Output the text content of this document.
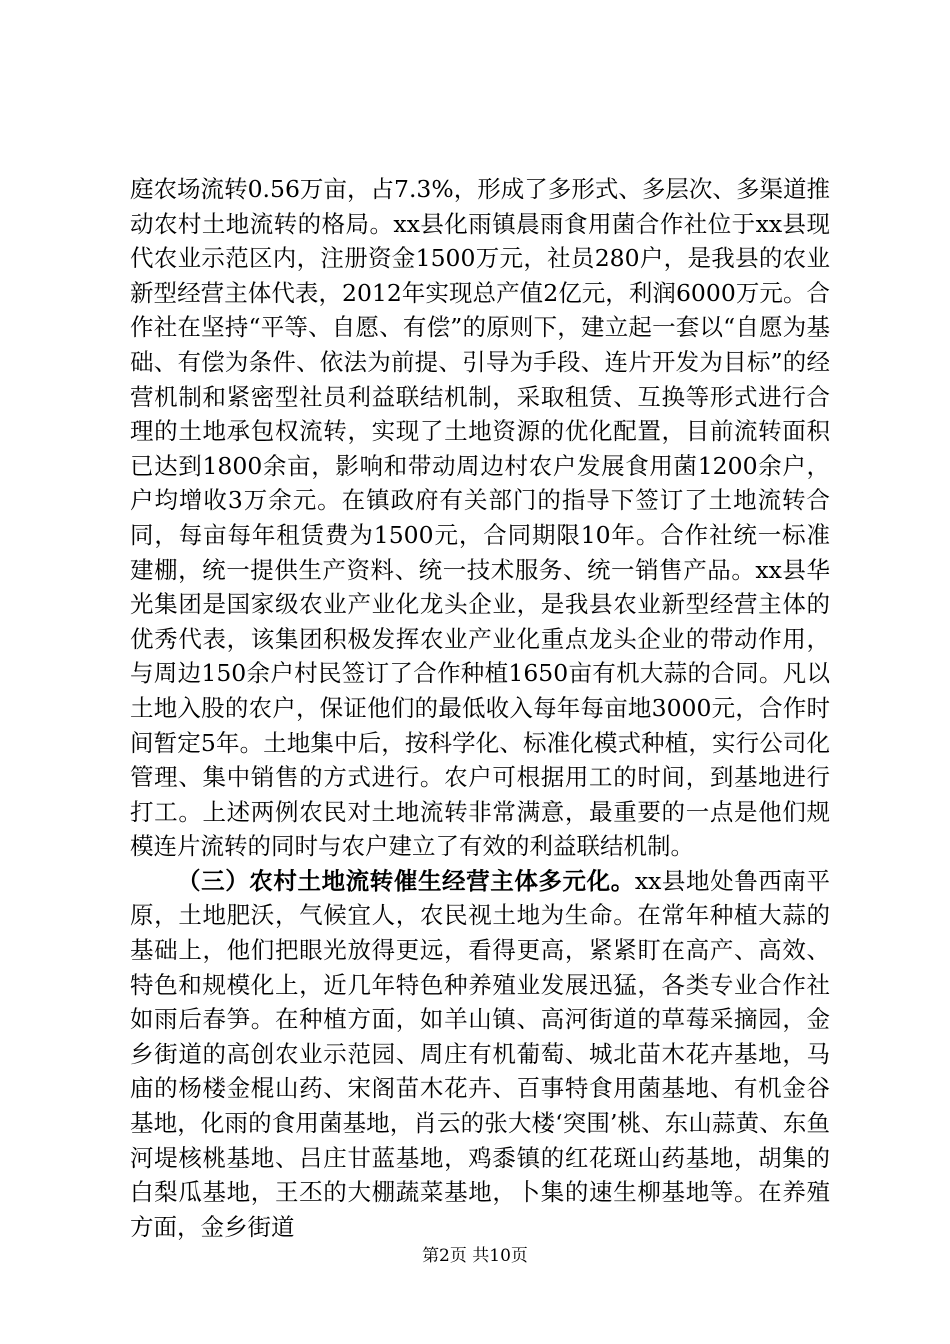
庭农场流转0.56万亩，占7.3%，形成了多形式、多层次、多渠道推动农村土地流转的格局。xx县化雨镇晨雨食用菌合作社位于xx县现代农业示范区内，注册资金1500万元，社员280户，是我县的农业新型经营主体代表，2012年实现总产值2亿元，利润6000万元。合作社在坚持“平等、自愿、有偿”的原则下，建立起一套以“自愿为基础、有偿为条件、依法为前提、引导为手段、连片开发为目标”的经营机制和紧密型社员利益联结机制，采取租赁、互换等形式进行合理的土地承包权流转，实现了土地资源的优化配置，目前流转面积已达到1800余亩，影响和带动周边村农户发展食用菌1200余户，户均增收3万余元。在镇政府有关部门的指导下签订了土地流转合同，每亩每年租赁费为1500元，合同期限10年。合作社统一标准建棚，统一提供生产资料、统一技术服务、统一销售产品。xx县华光集团是国家级农业产业化龙头企业，是我县农业新型经营主体的优秀代表，该集团积极发挥农业产业化重点龙头企业的带动作用，与周边150余户村民签订了合作种植1650亩有机大蒜的合同。凡以土地入股的农户，保证他们的最低收入每年每亩地3000元，合作时间暂定5年。土地集中后，按科学化、标准化模式种植，实行公司化管理、集中销售的方式进行。农户可根据用工的时间，到基地进行打工。上述两例农民对土地流转非常满意，最重要的一点是他们规模连片流转的同时与农户建立了有效的利益联结机制。

（三）农村土地流转催生经营主体多元化。xx县地处鲁西南平原，土地肥沃，气候宜人，农民视土地为生命。在常年种植大蒜的基础上，他们把眼光放得更远，看得更高，紧紧盯在高产、高效、特色和规模化上，近几年特色种养殖业发展迅猛，各类专业合作社如雨后春笋。在种植方面，如羊山镇、高河街道的草莓采摘园，金乡街道的高创农业示范园、周庄有机葡萄、城北苗木花卉基地，马庙的杨楼金棍山药、宋阁苗木花卉、百事特食用菌基地、有机金谷基地，化雨的食用菌基地，肖云的张大楼‘突围’桃、东山蒜黄、东鱼河堤核桃基地、吕庄甘蓝基地，鸡黍镇的红花斑山药基地，胡集的白梨瓜基地，王丕的大棚蔬菜基地，卜集的速生柳基地等。在养殖方面，金乡街道

第2页 共10页
